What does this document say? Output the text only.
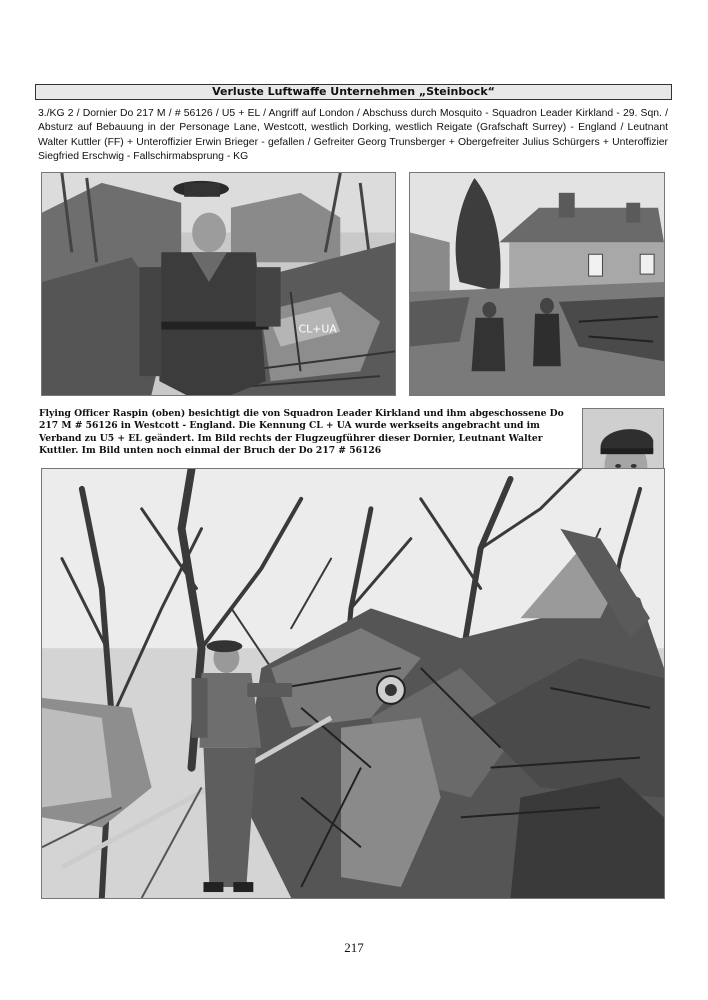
Verluste Luftwaffe Unternehmen „Steinbock“

3./KG 2 / Dornier Do 217 M / # 56126 / U5 + EL / Angriff auf London / Abschuss durch Mosquito - Squadron Leader Kirkland - 29. Sqn. / Absturz auf Bebauung in der Personage Lane, Westcott, westlich Dorking, westlich Reigate (Grafschaft Surrey) - England / Leutnant Walter Kuttler (FF) + Unteroffizier Erwin Brieger - gefallen / Gefreiter Georg Trunsberger + Obergefreiter Julius Schürgers + Unteroffizier Siegfried Erschwig - Fallschirmabsprung - KG

CL+UA

Flying Officer Raspin (oben) besichtigt die von Squadron Leader Kirkland und ihm abgeschossene Do 217 M # 56126 in Westcott - England. Die Kennung CL + UA wurde werkseits angebracht und im Verband zu U5 + EL geändert. Im Bild rechts der Flugzeugführer dieser Dornier, Leutnant Walter Kuttler. Im Bild unten noch einmal der Bruch der Do 217 # 56126

217
